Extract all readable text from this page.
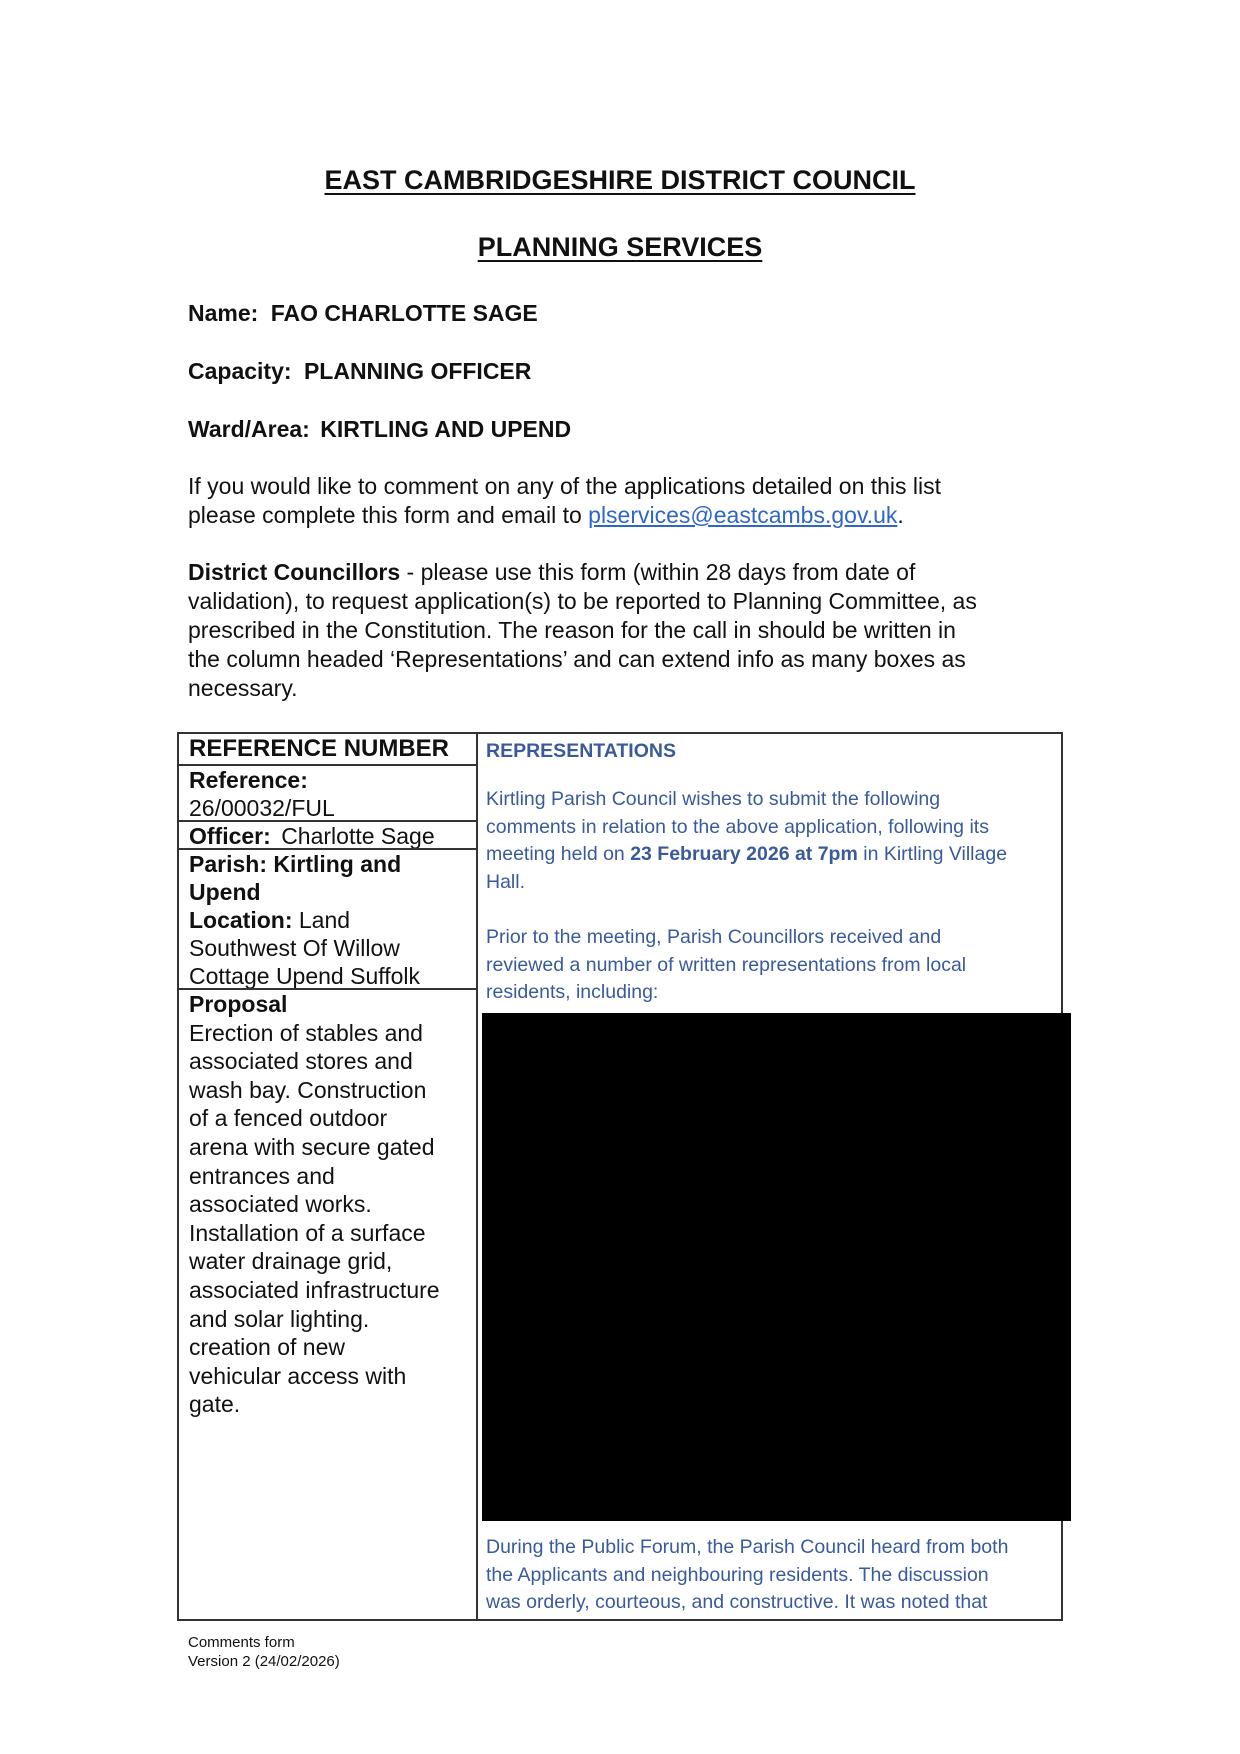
EAST CAMBRIDGESHIRE DISTRICT COUNCIL
PLANNING SERVICES
Name: FAO CHARLOTTE SAGE
Capacity: PLANNING OFFICER
Ward/Area: KIRTLING AND UPEND
If you would like to comment on any of the applications detailed on this list
please complete this form and email to plservices@eastcambs.gov.uk.
District Councillors - please use this form (within 28 days from date of
validation), to request application(s) to be reported to Planning Committee, as
prescribed in the Constitution. The reason for the call in should be written in
the column headed ‘Representations’ and can extend info as many boxes as
necessary.
REFERENCE NUMBER
Reference:
26/00032/FUL
Officer: Charlotte Sage
Parish: Kirtling and
Upend
Location: Land
Southwest Of Willow
Cottage Upend Suffolk
Proposal
Erection of stables and
associated stores and
wash bay. Construction
of a fenced outdoor
arena with secure gated
entrances and
associated works.
Installation of a surface
water drainage grid,
associated infrastructure
and solar lighting.
creation of new
vehicular access with
gate.
REPRESENTATIONS
Kirtling Parish Council wishes to submit the following
comments in relation to the above application, following its
meeting held on 23 February 2026 at 7pm in Kirtling Village
Hall.
Prior to the meeting, Parish Councillors received and
reviewed a number of written representations from local
residents, including:
During the Public Forum, the Parish Council heard from both
the Applicants and neighbouring residents. The discussion
was orderly, courteous, and constructive. It was noted that
Comments form
Version 2 (24/02/2026)
